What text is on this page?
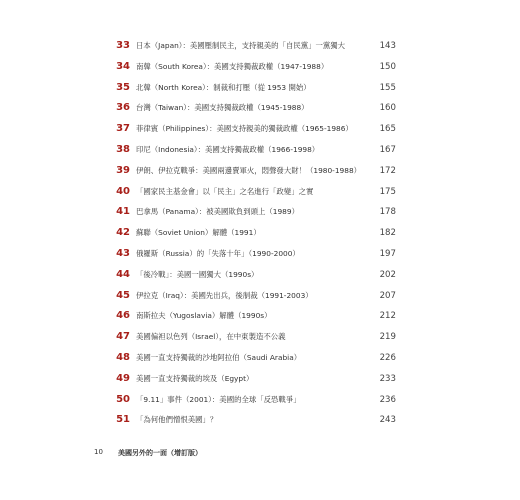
33 日本（Japan）：美國壓制民主，支持親美的「自民黨」一黨獨大	143
34 南韓（South Korea）：美國支持獨裁政權（1947-1988）	150
35 北韓（North Korea）：制裁和打壓（從 1953 開始）	155
36 台灣（Taiwan）：美國支持獨裁政權（1945-1988）	160
37 菲律賓（Philippines）：美國支持親美的獨裁政權（1965-1986）	165
38 印尼（Indonesia）：美國支持獨裁政權（1966-1998）	167
39 伊朗、伊拉克戰爭：美國兩邊賣軍火，悶聲發大財！（1980-1988） 172
40 「國家民主基金會」以「民主」之名進行「政變」之實	175
41 巴拿馬（Panama）：被美國欺負到頭上（1989）	178
42 蘇聯（Soviet Union）解體（1991）	182
43 俄羅斯（Russia）的「失落十年」（1990-2000）	197
44 「後冷戰」：美國一國獨大（1990s）	202
45 伊拉克（Iraq）：美國先出兵，後制裁（1991-2003）	207
46 南斯拉夫（Yugoslavia）解體（1990s）	212
47 美國偏袒以色列（Israel），在中東製造不公義	219
48 美國一直支持獨裁的沙地阿拉伯（Saudi Arabia）	226
49 美國一直支持獨裁的埃及（Egypt）	233
50 「9.11」事件（2001）：美國的全球「反恐戰爭」	236
51 「為何他們憎恨美國」？	243
10 美國另外的一面（增訂版）
